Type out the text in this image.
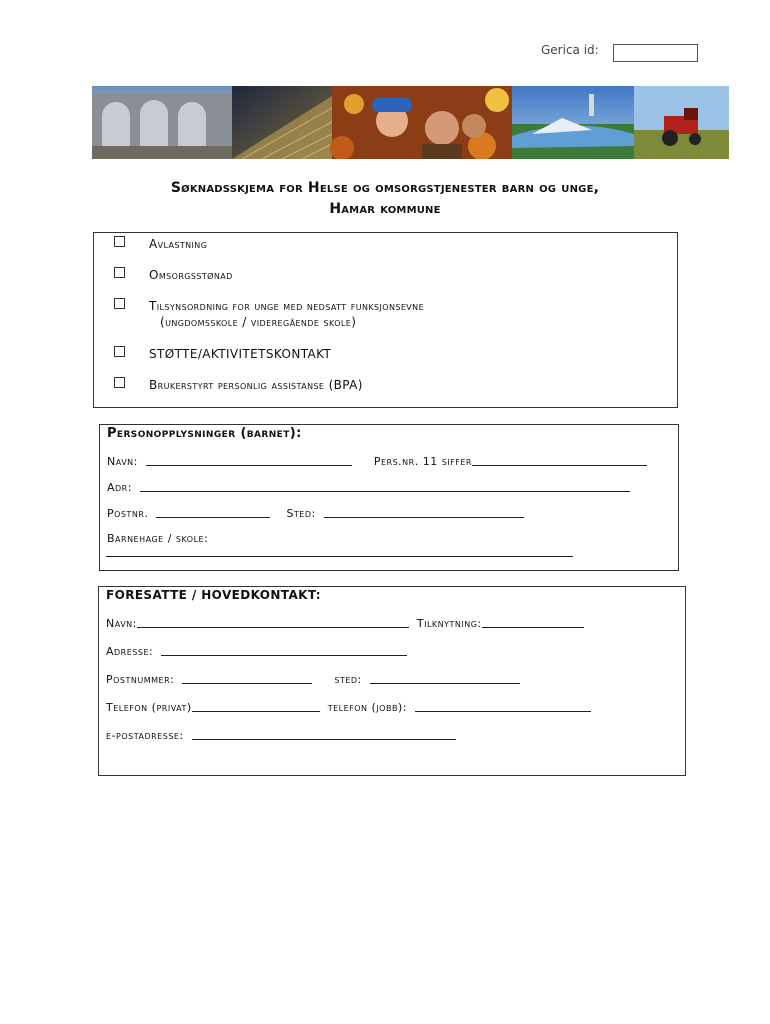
Gerica id:
Søknadsskjema for Helse og omsorgstjenester barn og unge,
Hamar kommune
Avlastning
Omsorgsstønad
Tilsynsordning for unge med nedsatt funksjonsevne
(ungdomsskole / videregående skole)
STØTTE/AKTIVITETSKONTAKT
Brukerstyrt personlig assistanse (BPA)
Personopplysninger (barnet):
Navn:	Pers.nr. 11 siffer
Adr:
Postnr.	Sted:
Barnehage / skole:
FORESATTE / HOVEDKONTAKT:
Navn:	Tilknytning:
Adresse:
Postnummer:	sted:
Telefon (privat)	telefon (jobb):
e-postadresse:
